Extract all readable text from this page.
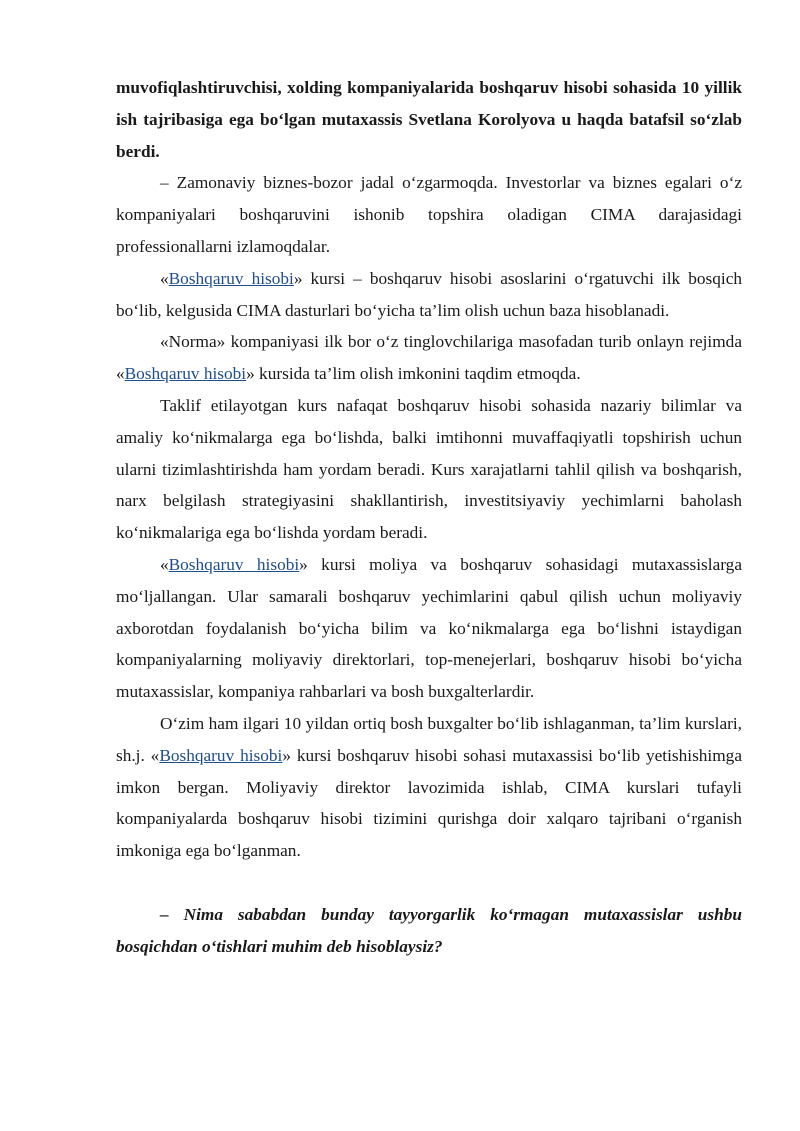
muvofiqlashtiruvchisi, xolding kompaniyalarida boshqaruv hisobi sohasida 10 yillik ish tajribasiga ega bo‘lgan mutaxassis Svetlana Korolyova u haqda batafsil so‘zlab berdi.

– Zamonaviy biznes-bozor jadal o‘zgarmoqda. Investorlar va biznes egalari o‘z kompaniyalari boshqaruvini ishonib topshira oladigan CIMA darajasidagi professionallarni izlamoqdalar.

«Boshqaruv hisobi» kursi – boshqaruv hisobi asoslarini o‘rgatuvchi ilk bosqich bo‘lib, kelgusida CIMA dasturlari bo‘yicha ta’lim olish uchun baza hisoblanadi.

«Norma» kompaniyasi ilk bor o‘z tinglovchilariga masofadan turib onlayn rejimda «Boshqaruv hisobi» kursida ta’lim olish imkonini taqdim etmoqda.

Taklif etilayotgan kurs nafaqat boshqaruv hisobi sohasida nazariy bilimlar va amaliy ko‘nikmalarga ega bo‘lishda, balki imtihonni muvaffaqiyatli topshirish uchun ularni tizimlashtirishda ham yordam beradi. Kurs xarajatlarni tahlil qilish va boshqarish, narx belgilash strategiyasini shakllantirish, investitsiyaviy yechimlarni baholash ko‘nikmalariga ega bo‘lishda yordam beradi.

«Boshqaruv hisobi» kursi moliya va boshqaruv sohasidagi mutaxassislarga mo‘ljallangan. Ular samarali boshqaruv yechimlarini qabul qilish uchun moliyaviy axborotdan foydalanish bo‘yicha bilim va ko‘nikmalarga ega bo‘lishni istaydigan kompaniyalarning moliyaviy direktorlari, top-menejerlari, boshqaruv hisobi bo‘yicha mutaxassislar, kompaniya rahbarlari va bosh buxgalterlardir.

O‘zim ham ilgari 10 yildan ortiq bosh buxgalter bo‘lib ishlaganman, ta’lim kurslari, sh.j. «Boshqaruv hisobi» kursi boshqaruv hisobi sohasi mutaxassisi bo‘lib yetishishimga imkon bergan. Moliyaviy direktor lavozimida ishlab, CIMA kurslari tufayli kompaniyalarda boshqaruv hisobi tizimini qurishga doir xalqaro tajribani o‘rganish imkoniga ega bo‘lganman.

– Nima sababdan bunday tayyorgarlik ko‘rmagan mutaxassislar ushbu bosqichdan o‘tishlari muhim deb hisoblaysiz?
